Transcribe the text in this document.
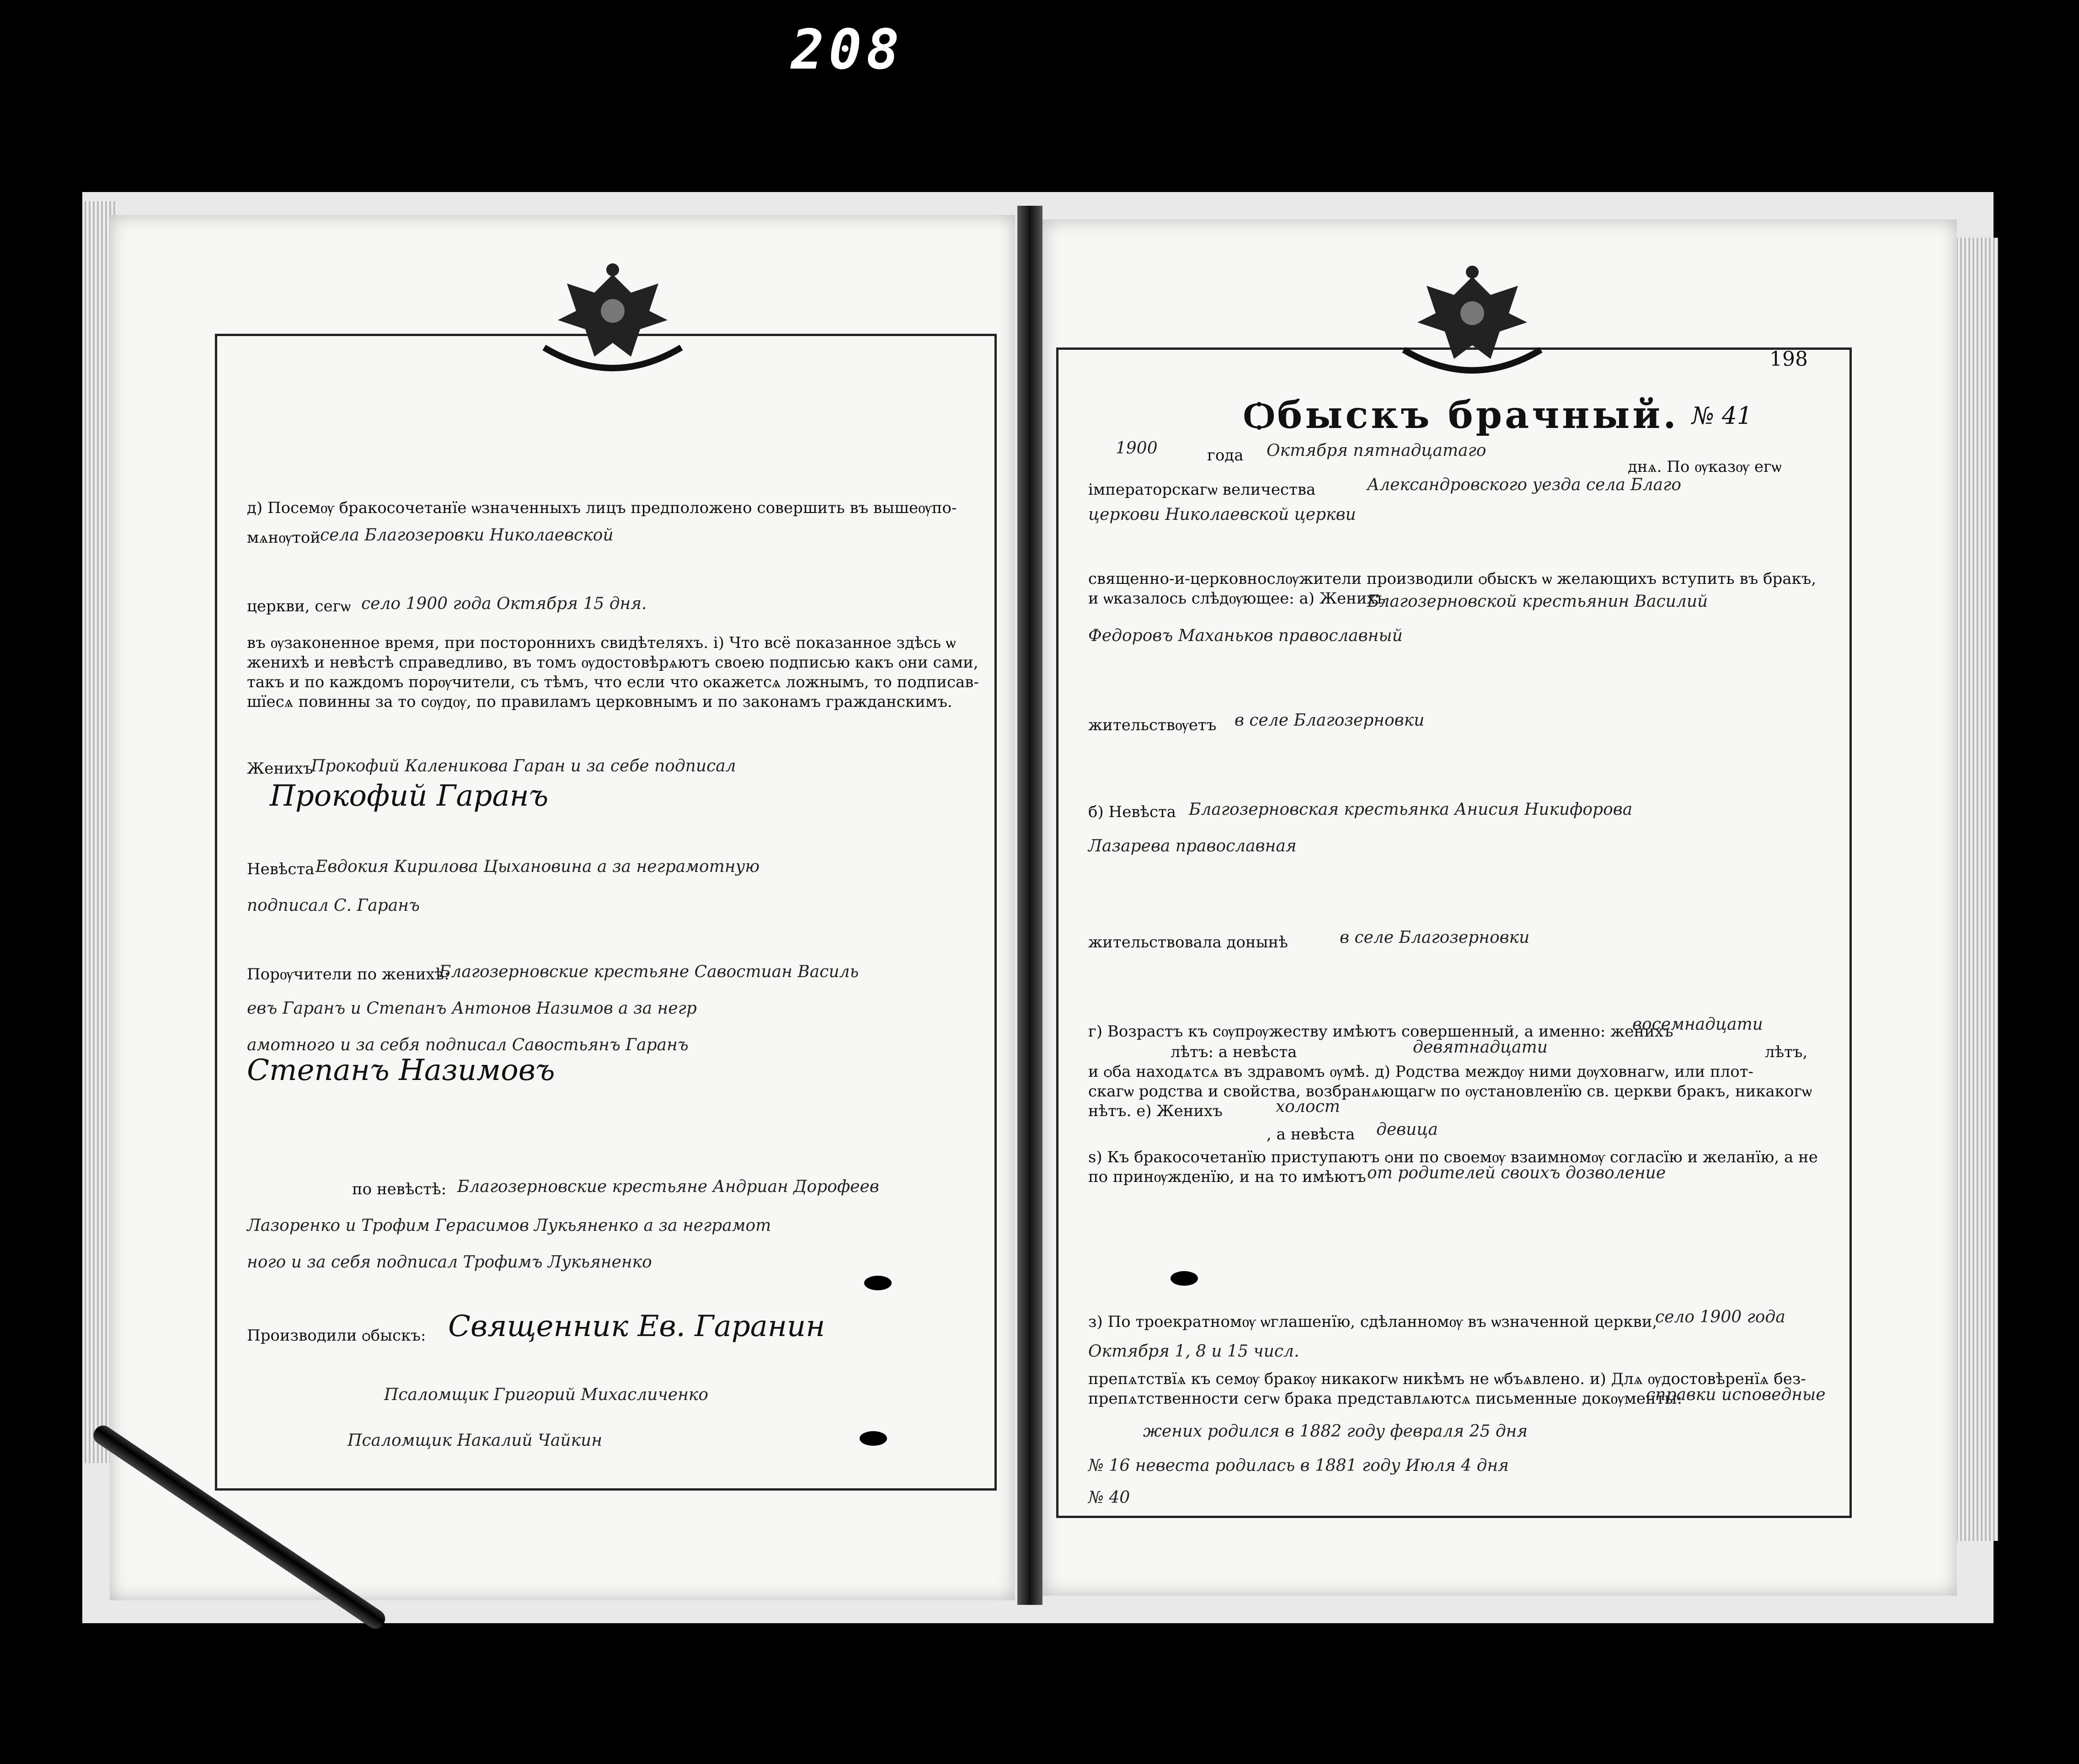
208
д) Посемѹ бракосочетанїе ѡзначенныхъ лицъ предположено совершить въ вышеѹпо-
мѧнѹтой
села Благозеровки Николаевской
церкви, сегѡ село 1900 года Октября 15 дня.
въ ѹзаконенное время, при постороннихъ свидѣтеляхъ. і) Что всё показанное здѣсь ѡ
женихѣ и невѣстѣ справедливо, въ томъ ѹдостовѣрѧютъ своею подписью какъ ѻни сами,
такъ и по каждомъ порѹчители, съ тѣмъ, что если что ѻкажетсѧ ложнымъ, то подписав-
шїесѧ повинны за то сѹдѹ, по правиламъ церковнымъ и по законамъ гражданскимъ.
Женихъ
Прокофий Каленикова Гаран и за себе подписал
Прокофий Гаранъ
Невѣста Евдокия Кирилова Цыхановина а за неграмотную
подписал С. Гаранъ
Порѹчители по женихѣ:
Благозерновские крестьяне Савостиан Василь
евъ Гаранъ и Степанъ Антонов Назимов а за негр
амотного и за себя подписал Савостьянъ Гаранъ
Степанъ Назимовъ
по невѣстѣ: Благозерновские крестьяне Андриан Дорофеев
Лазоренко и Трофим Герасимов Лукьяненко а за неграмот
ного и за себя подписал Трофимъ Лукьяненко
Производили ѻбыскъ: Священник Ев. Гаранин
Псаломщик Григорий Михасличенко
Псаломщик Накалий Чайкин
198
Ѻбыскъ брачный. № 41
1900	года Октября пятнадцатаго
днѧ. По ѹказѹ егѡ
імператорскагѡ величества	Александровского уезда села Благо
церкови Николаевской церкви
священно-и-церковнослѹжители производили ѻбыскъ ѡ желающихъ вступить въ бракъ,
и ѡказалось слѣдѹющее: а) Женихъ
Благозерновской крестьянин Василий
Федоровъ Маханьков православный
жительствѹетъ в селе Благозерновки
б) Невѣста Благозерновская крестьянка Анисия Никифорова
Лазарева православная
жительствовала донынѣ	в селе Благозерновки
г) Возрастъ къ сѹпрѹжеству имѣютъ совершенный, а именно: женихъ
восемнадцати
лѣтъ: а невѣста	девятнадцати	лѣтъ,
и ѻба находѧтсѧ въ здравомъ ѹмѣ. д) Родства междѹ ними дѹховнагѡ, или плот-
скагѡ родства и свойства, возбранѧющагѡ по ѹстановленїю св. церкви бракъ, никакогѡ
нѣтъ. е) Женихъ	холост
, а невѣста девица
ѕ) Къ бракосочетанїю приступаютъ ѻни по своемѹ взаимномѹ согласїю и желанїю, а не
по принѹжденїю, и на то имѣютъ от родителей своихъ дозволение
з) По троекратномѹ ѡглашенїю, сдѣланномѹ въ ѡзначенной церкви,
село 1900 года
Октября 1, 8 и 15 числ.
препѧтствїѧ къ семѹ бракѹ никакогѡ никѣмъ не ѡбъѧвлено. и) Длѧ ѹдостовѣренїѧ без-
препѧтственности сегѡ брака представлѧютсѧ письменные докѹменты:
справки исповедные
жених родился в 1882 году февраля 25 дня
№ 16 невеста родилась в 1881 году Июля 4 дня
№ 40
